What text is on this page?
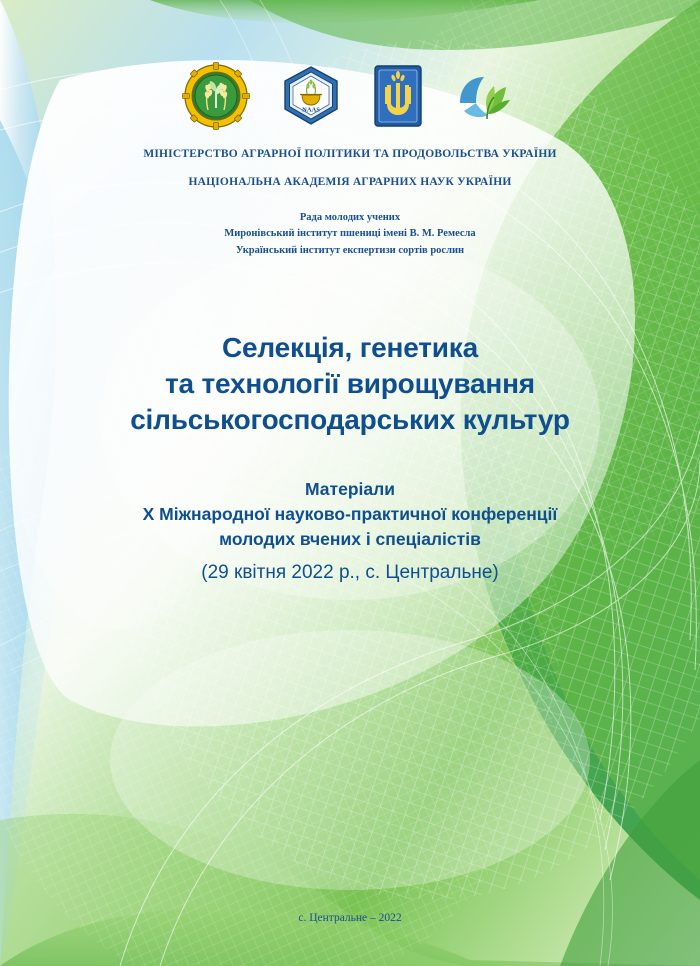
NAAS
МІНІСТЕРСТВО АГРАРНОЇ ПОЛІТИКИ ТА ПРОДОВОЛЬСТВА УКРАЇНИ
НАЦІОНАЛЬНА АКАДЕМІЯ АГРАРНИХ НАУК УКРАЇНИ
Рада молодих учених
Миронівський інститут пшениці імені В. М. Ремесла
Український інститут експертизи сортів рослин
Селекція, генетика
та технології вирощування
сільськогосподарських культур
Матеріали
X Міжнародної науково-практичної конференції
молодих вчених і спеціалістів
(29 квітня 2022 р., с. Центральне)
с. Центральне – 2022
